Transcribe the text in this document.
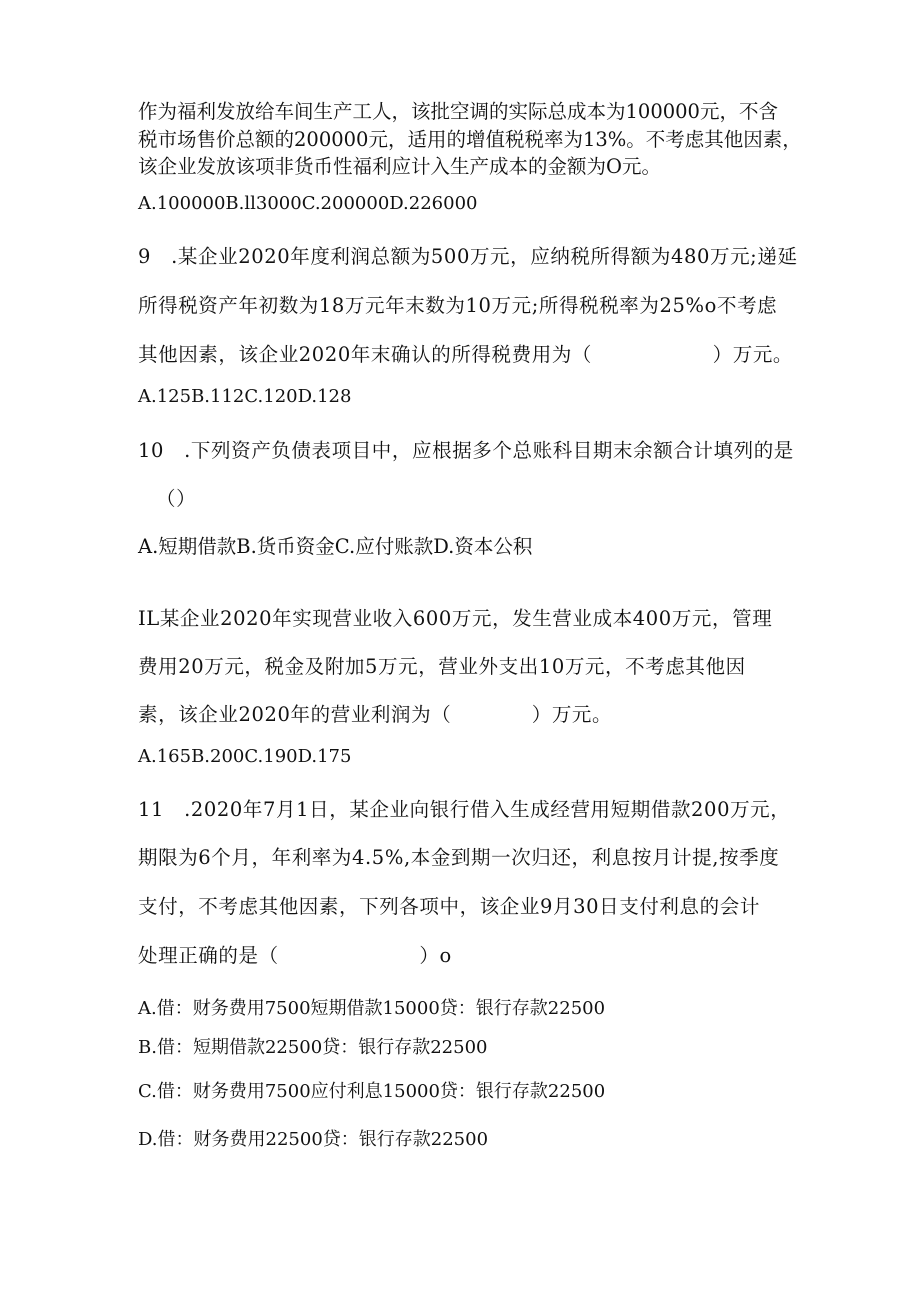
作为福利发放给车间生产工人，该批空调的实际总成本为100000元，不含
税市场售价总额的200000元，适用的增值税税率为13%。不考虑其他因素，
该企业发放该项非货币性福利应计入生产成本的金额为O元。
A.100000B.ll3000C.200000D.226000
9　.某企业2020年度利润总额为500万元，应纳税所得额为480万元;递延
所得税资产年初数为18万元年末数为10万元;所得税税率为25%o不考虑
其他因素，该企业2020年末确认的所得税费用为（　　　　　　）万元。
A.125B.112C.120D.128
10　.下列资产负债表项目中，应根据多个总账科目期末余额合计填列的是
（）
A.短期借款B.货币资金C.应付账款D.资本公积
IL某企业2020年实现营业收入600万元，发生营业成本400万元，管理
费用20万元，税金及附加5万元，营业外支出10万元，不考虑其他因
素，该企业2020年的营业利润为（　　　　）万元。
A.165B.200C.190D.175
11　.2020年7月1日，某企业向银行借入生成经营用短期借款200万元，
期限为6个月，年利率为4.5%,本金到期一次归还，利息按月计提,按季度
支付，不考虑其他因素，下列各项中，该企业9月30日支付利息的会计
处理正确的是（　　　　　　　）o
A.借：财务费用7500短期借款15000贷：银行存款22500
B.借：短期借款22500贷：银行存款22500
C.借：财务费用7500应付利息15000贷：银行存款22500
D.借：财务费用22500贷：银行存款22500
